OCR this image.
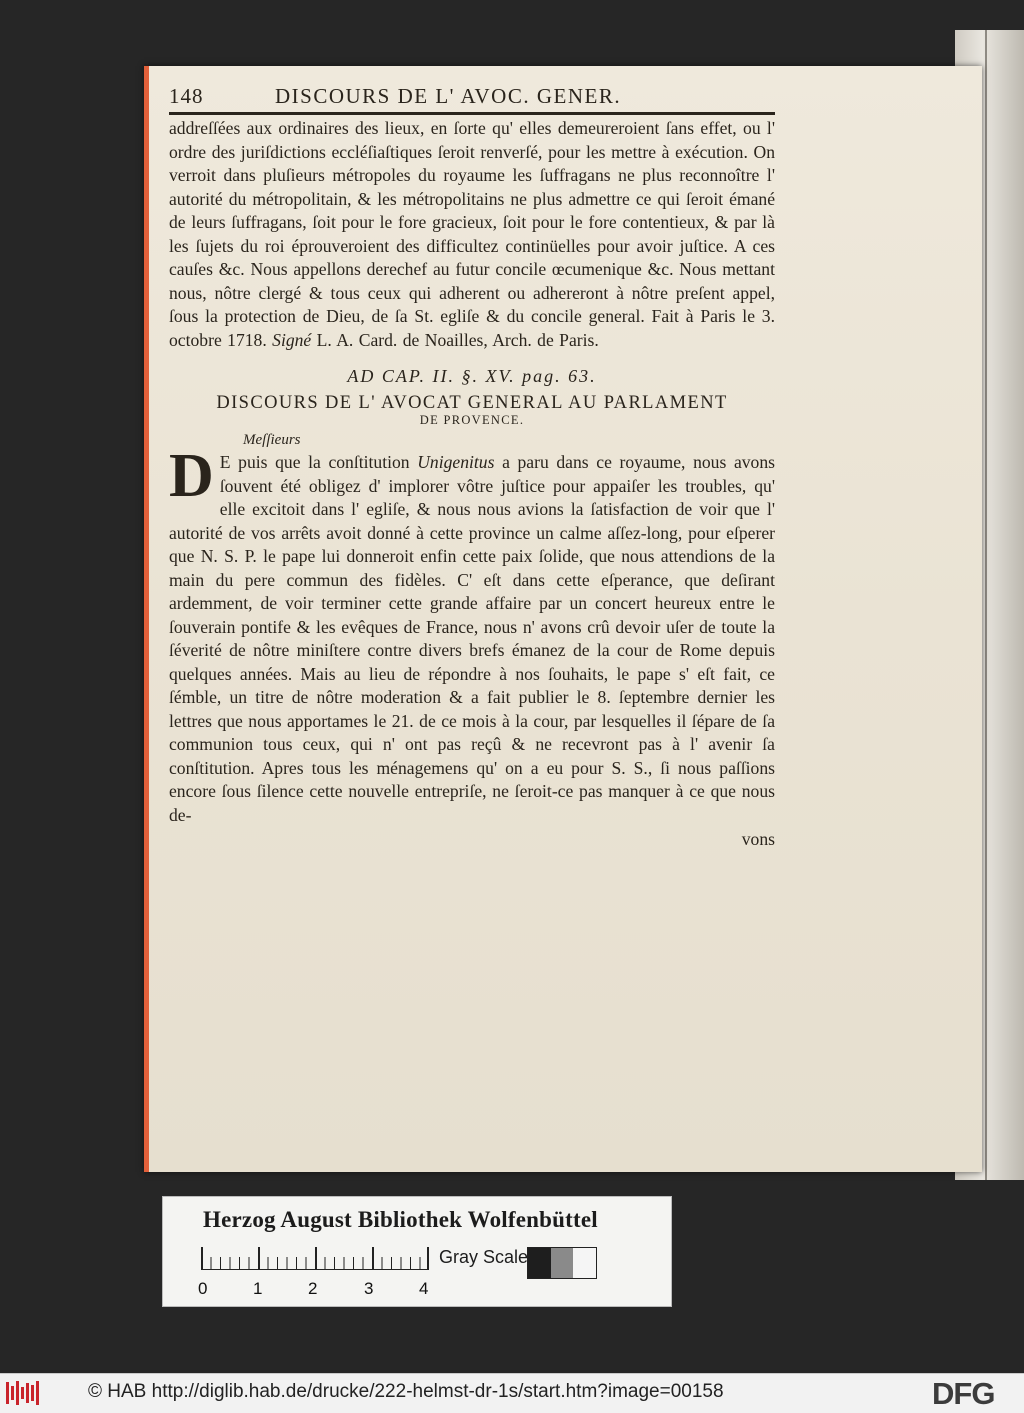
148	DISCOURS DE L' AVOC. GENER.

addreſſées aux ordinaires des lieux, en ſorte qu' elles demeureroient ſans effet, ou l' ordre des juriſdictions eccléſiaſtiques ſeroit renverſé, pour les mettre à exécution. On verroit dans pluſieurs métropoles du royaume les ſuffragans ne plus reconnoître l' autorité du métropolitain, & les métropolitains ne plus admettre ce qui ſeroit émané de leurs ſuffragans, ſoit pour le fore gracieux, ſoit pour le fore contentieux, & par là les ſujets du roi éprouveroient des difficultez continüelles pour avoir juſtice. A ces cauſes &c. Nous appellons derechef au futur concile œcumenique &c. Nous mettant nous, nôtre clergé & tous ceux qui adherent ou adhereront à nôtre preſent appel, ſous la protection de Dieu, de ſa St. egliſe & du concile general. Fait à Paris le 3. octobre 1718. Signé L. A. Card. de Noailles, Arch. de Paris.

AD CAP. II. §. XV. pag. 63.
DISCOURS DE L' AVOCAT GENERAL AU PARLAMENT
DE PROVENCE.
Meſſieurs

D E puis que la conſtitution Unigenitus a paru dans ce royaume, nous avons ſouvent été obligez d' implorer vôtre juſtice pour appaiſer les troubles, qu' elle excitoit dans l' egliſe, & nous nous avions la ſatisfaction de voir que l' autorité de vos arrêts avoit donné à cette province un calme aſſez-long, pour eſperer que N. S. P. le pape lui donneroit enfin cette paix ſolide, que nous attendions de la main du pere commun des fidèles. C' eſt dans cette eſperance, que deſirant ardemment, de voir terminer cette grande affaire par un concert heureux entre le ſouverain pontife & les evêques de France, nous n' avons crû devoir uſer de toute la ſéverité de nôtre miniſtere contre divers brefs émanez de la cour de Rome depuis quelques années. Mais au lieu de répondre à nos ſouhaits, le pape s' eſt fait, ce ſémble, un titre de nôtre moderation & a fait publier le 8. ſeptembre dernier les lettres que nous apportames le 21. de ce mois à la cour, par lesquelles il ſépare de ſa communion tous ceux, qui n' ont pas reçû & ne recevront pas à l' avenir ſa conſtitution. Apres tous les ménagemens qu' on a eu pour S. S., ſi nous paſſions encore ſous ſilence cette nouvelle entrepriſe, ne ſeroit-ce pas manquer à ce que nous de-

vons
Herzog August Bibliothek Wolfenbüttel
0	1	2	3	4
Gray Scale
© HAB http://diglib.hab.de/drucke/222-helmst-dr-1s/start.htm?image=00158	DFG
